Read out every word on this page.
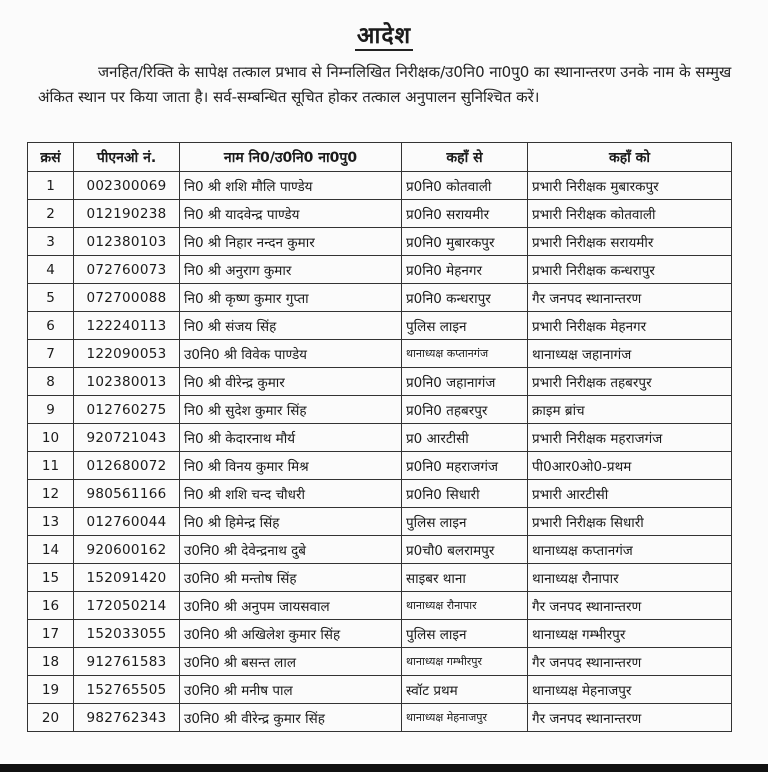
आदेश
जनहित/रिक्ति के सापेक्ष तत्काल प्रभाव से निम्नलिखित निरीक्षक/उ0नि0 ना0पु0 का स्थानान्तरण उनके नाम के सम्मुख अंकित स्थान पर किया जाता है। सर्व-सम्बन्धित सूचित होकर तत्काल अनुपालन सुनिश्चित करें।
क्रसं	पीएनओ नं.	नाम नि0/उ0नि0 ना0पु0	कहाँ से	कहाँ को
1	002300069	नि0 श्री शशि मौलि पाण्डेय	प्र0नि0 कोतवाली	प्रभारी निरीक्षक मुबारकपुर
2	012190238	नि0 श्री यादवेन्द्र पाण्डेय	प्र0नि0 सरायमीर	प्रभारी निरीक्षक कोतवाली
3	012380103	नि0 श्री निहार नन्दन कुमार	प्र0नि0 मुबारकपुर	प्रभारी निरीक्षक सरायमीर
4	072760073	नि0 श्री अनुराग कुमार	प्र0नि0 मेहनगर	प्रभारी निरीक्षक कन्धरापुर
5	072700088	नि0 श्री कृष्ण कुमार गुप्ता	प्र0नि0 कन्धरापुर	गैर जनपद स्थानान्तरण
6	122240113	नि0 श्री संजय सिंह	पुलिस लाइन	प्रभारी निरीक्षक मेहनगर
7	122090053	उ0नि0 श्री विवेक पाण्डेय	थानाध्यक्ष कप्तानगंज	थानाध्यक्ष जहानागंज
8	102380013	नि0 श्री वीरेन्द्र कुमार	प्र0नि0 जहानागंज	प्रभारी निरीक्षक तहबरपुर
9	012760275	नि0 श्री सुदेश कुमार सिंह	प्र0नि0 तहबरपुर	क्राइम ब्रांच
10	920721043	नि0 श्री केदारनाथ मौर्य	प्र0 आरटीसी	प्रभारी निरीक्षक महराजगंज
11	012680072	नि0 श्री विनय कुमार मिश्र	प्र0नि0 महराजगंज	पी0आर0ओ0-प्रथम
12	980561166	नि0 श्री शशि चन्द चौधरी	प्र0नि0 सिधारी	प्रभारी आरटीसी
13	012760044	नि0 श्री हिमेन्द्र सिंह	पुलिस लाइन	प्रभारी निरीक्षक सिधारी
14	920600162	उ0नि0 श्री देवेन्द्रनाथ दुबे	प्र0चौ0 बलरामपुर	थानाध्यक्ष कप्तानगंज
15	152091420	उ0नि0 श्री मन्तोष सिंह	साइबर थाना	थानाध्यक्ष रौनापार
16	172050214	उ0नि0 श्री अनुपम जायसवाल	थानाध्यक्ष रौनापार	गैर जनपद स्थानान्तरण
17	152033055	उ0नि0 श्री अखिलेश कुमार सिंह	पुलिस लाइन	थानाध्यक्ष गम्भीरपुर
18	912761583	उ0नि0 श्री बसन्त लाल	थानाध्यक्ष गम्भीरपुर	गैर जनपद स्थानान्तरण
19	152765505	उ0नि0 श्री मनीष पाल	स्वॉट प्रथम	थानाध्यक्ष मेहनाजपुर
20	982762343	उ0नि0 श्री वीरेन्द्र कुमार सिंह	थानाध्यक्ष मेहनाजपुर	गैर जनपद स्थानान्तरण
